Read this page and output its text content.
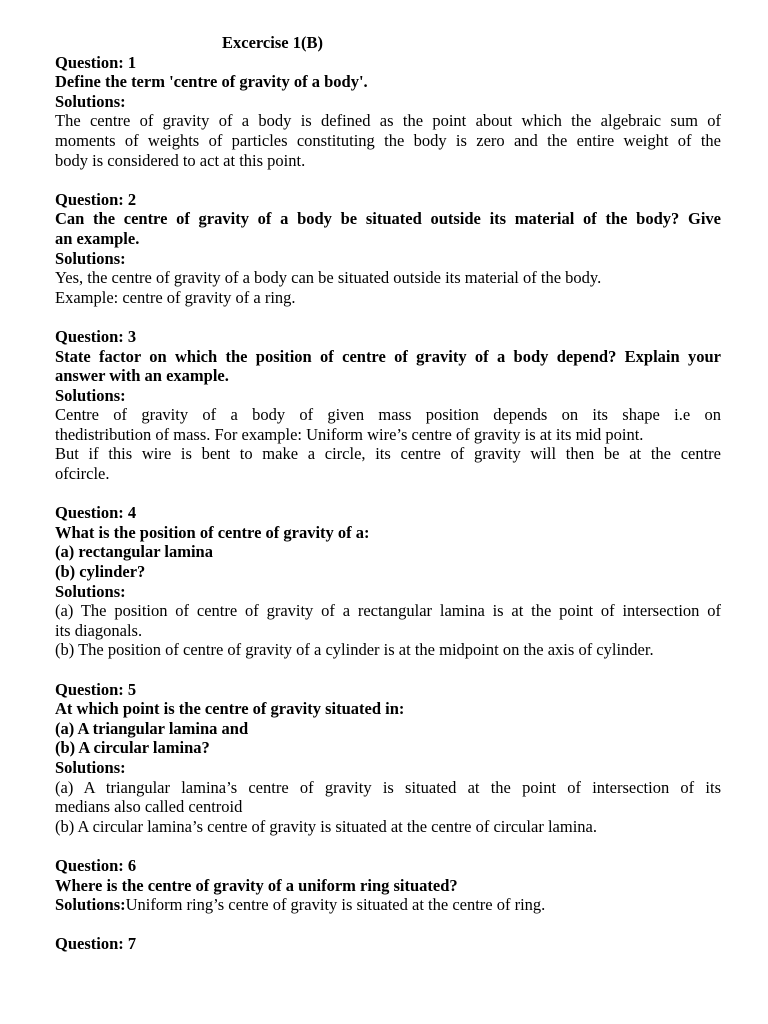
Excercise 1(B)
Question: 1
Define the term 'centre of gravity of a body'.
Solutions:
The centre of gravity of a body is defined as the point about which the algebraic sum of
moments of weights of particles constituting the body is zero and the entire weight of the
body is considered to act at this point.
Question: 2
Can the centre of gravity of a body be situated outside its material of the body? Give
an example.
Solutions:
Yes, the centre of gravity of a body can be situated outside its material of the body.
Example: centre of gravity of a ring.
Question: 3
State factor on which the position of centre of gravity of a body depend? Explain your
answer with an example.
Solutions:
Centre of gravity of a body of given mass position depends on its shape i.e on
thedistribution of mass. For example: Uniform wire’s centre of gravity is at its mid point.
But if this wire is bent to make a circle, its centre of gravity will then be at the centre
ofcircle.
Question: 4
What is the position of centre of gravity of a:
(a) rectangular lamina
(b) cylinder?
Solutions:
(a) The position of centre of gravity of a rectangular lamina is at the point of intersection of
its diagonals.
(b) The position of centre of gravity of a cylinder is at the midpoint on the axis of cylinder.
Question: 5
At which point is the centre of gravity situated in:
(a) A triangular lamina and
(b) A circular lamina?
Solutions:
(a) A triangular lamina’s centre of gravity is situated at the point of intersection of its
medians also called centroid
(b) A circular lamina’s centre of gravity is situated at the centre of circular lamina.
Question: 6
Where is the centre of gravity of a uniform ring situated?
Solutions:Uniform ring’s centre of gravity is situated at the centre of ring.
Question: 7
